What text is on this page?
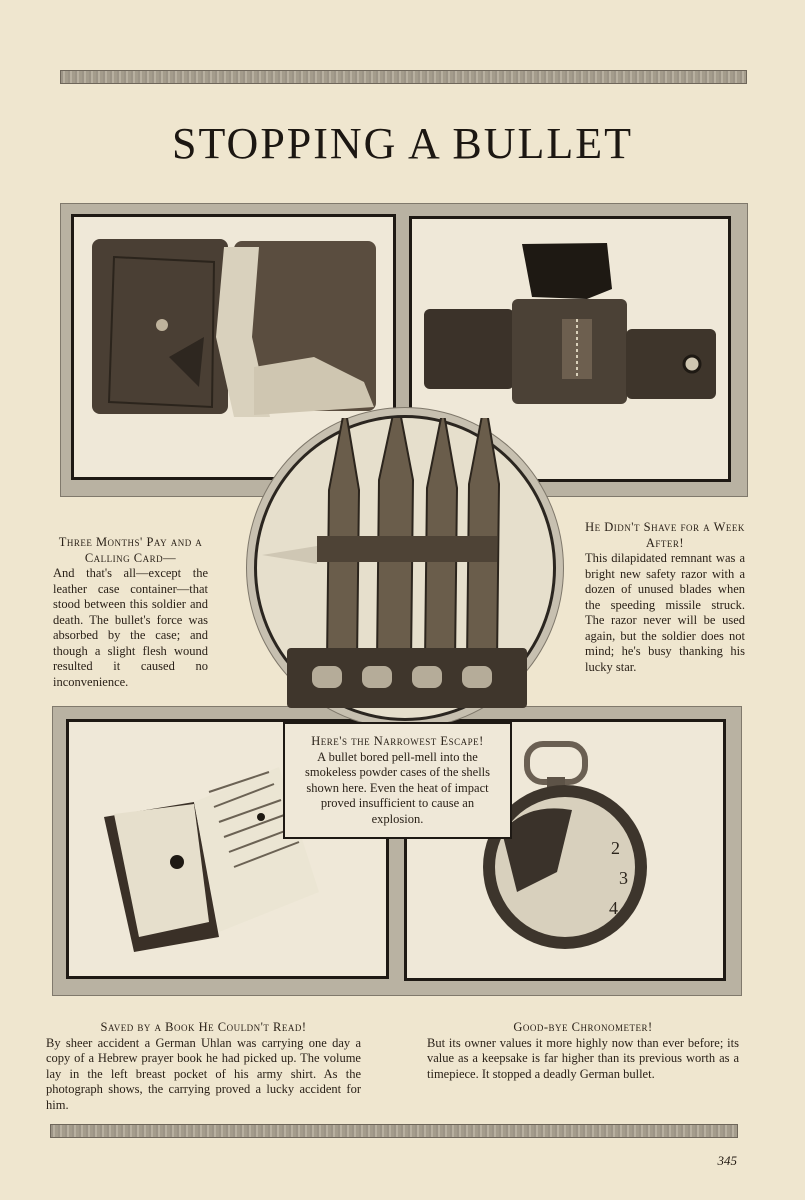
STOPPING A BULLET
2
3
4
Three Months' Pay and a Calling Card—
And that's all—except the leather case container—that stood between this soldier and death. The bullet's force was absorbed by the case; and though a slight flesh wound resulted it caused no inconvenience.
He Didn't Shave for a Week After!
This dilapidated remnant was a bright new safety razor with a dozen of unused blades when the speeding missile struck. The razor never will be used again, but the soldier does not mind; he's busy thanking his lucky star.
Here's the Narrowest Escape!
A bullet bored pell-mell into the smokeless powder cases of the shells shown here. Even the heat of impact proved insufficient to cause an explosion.
Saved by a Book He Couldn't Read!
By sheer accident a German Uhlan was carrying one day a copy of a Hebrew prayer book he had picked up. The volume lay in the left breast pocket of his army shirt. As the photograph shows, the carrying proved a lucky accident for him.
Good-bye Chronometer!
But its owner values it more highly now than ever before; its value as a keepsake is far higher than its previous worth as a timepiece. It stopped a deadly German bullet.
345
